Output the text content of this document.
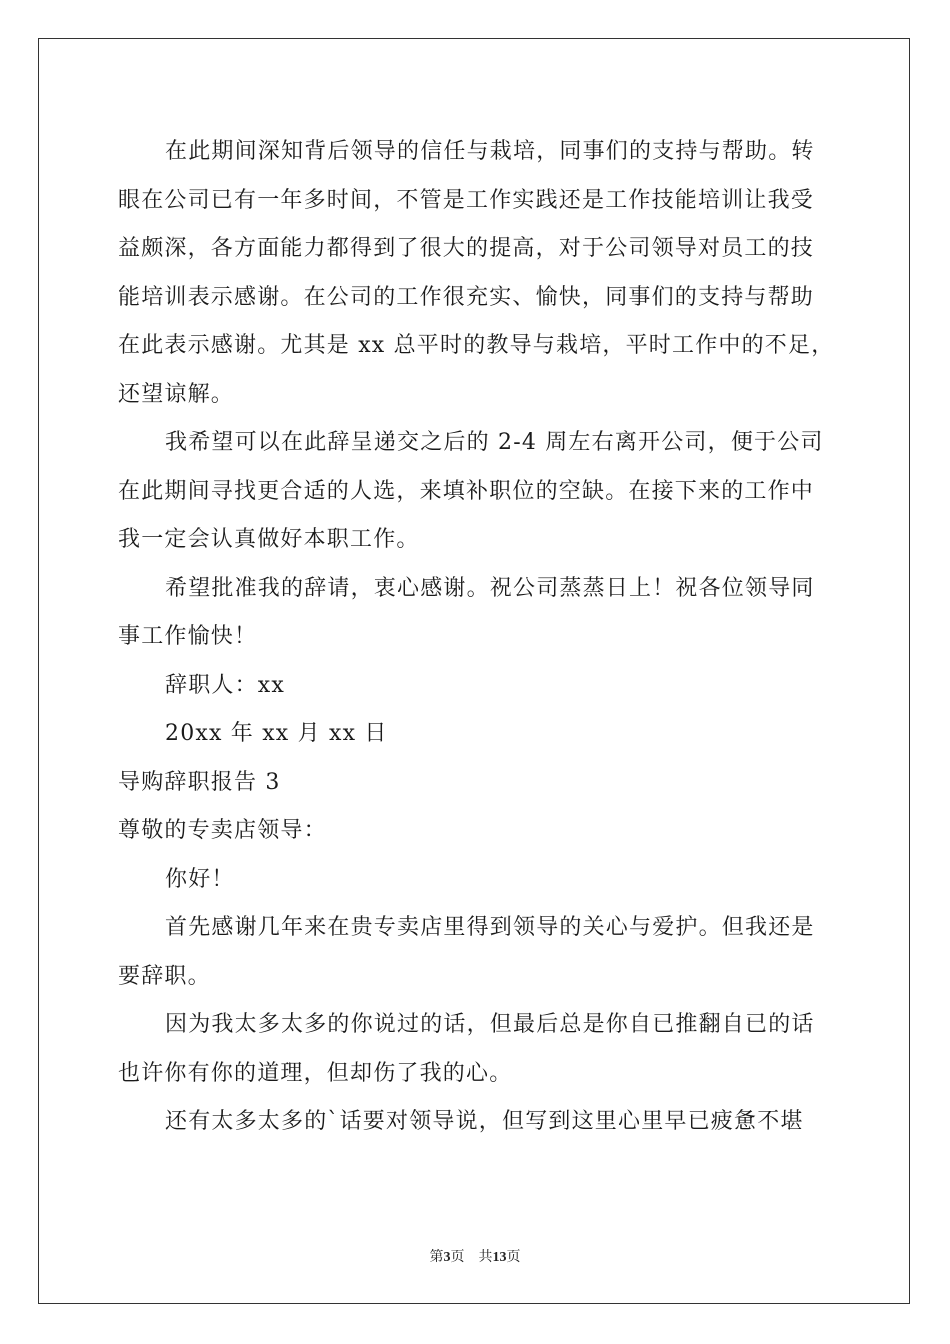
在此期间深知背后领导的信任与栽培，同事们的支持与帮助。转
眼在公司已有一年多时间，不管是工作实践还是工作技能培训让我受
益颇深，各方面能力都得到了很大的提高，对于公司领导对员工的技
能培训表示感谢。在公司的工作很充实、愉快，同事们的支持与帮助
在此表示感谢。尤其是 xx 总平时的教导与栽培，平时工作中的不足，
还望谅解。
我希望可以在此辞呈递交之后的 2-4 周左右离开公司，便于公司
在此期间寻找更合适的人选，来填补职位的空缺。在接下来的工作中
我一定会认真做好本职工作。
希望批准我的辞请，衷心感谢。祝公司蒸蒸日上！祝各位领导同
事工作愉快！
辞职人：xx
20xx 年 xx 月 xx 日
导购辞职报告 3
尊敬的专卖店领导：
你好！
首先感谢几年来在贵专卖店里得到领导的关心与爱护。但我还是
要辞职。
因为我太多太多的你说过的话，但最后总是你自已推翻自已的话
也许你有你的道理，但却伤了我的心。
还有太多太多的`话要对领导说，但写到这里心里早已疲惫不堪
第3页 共13页
